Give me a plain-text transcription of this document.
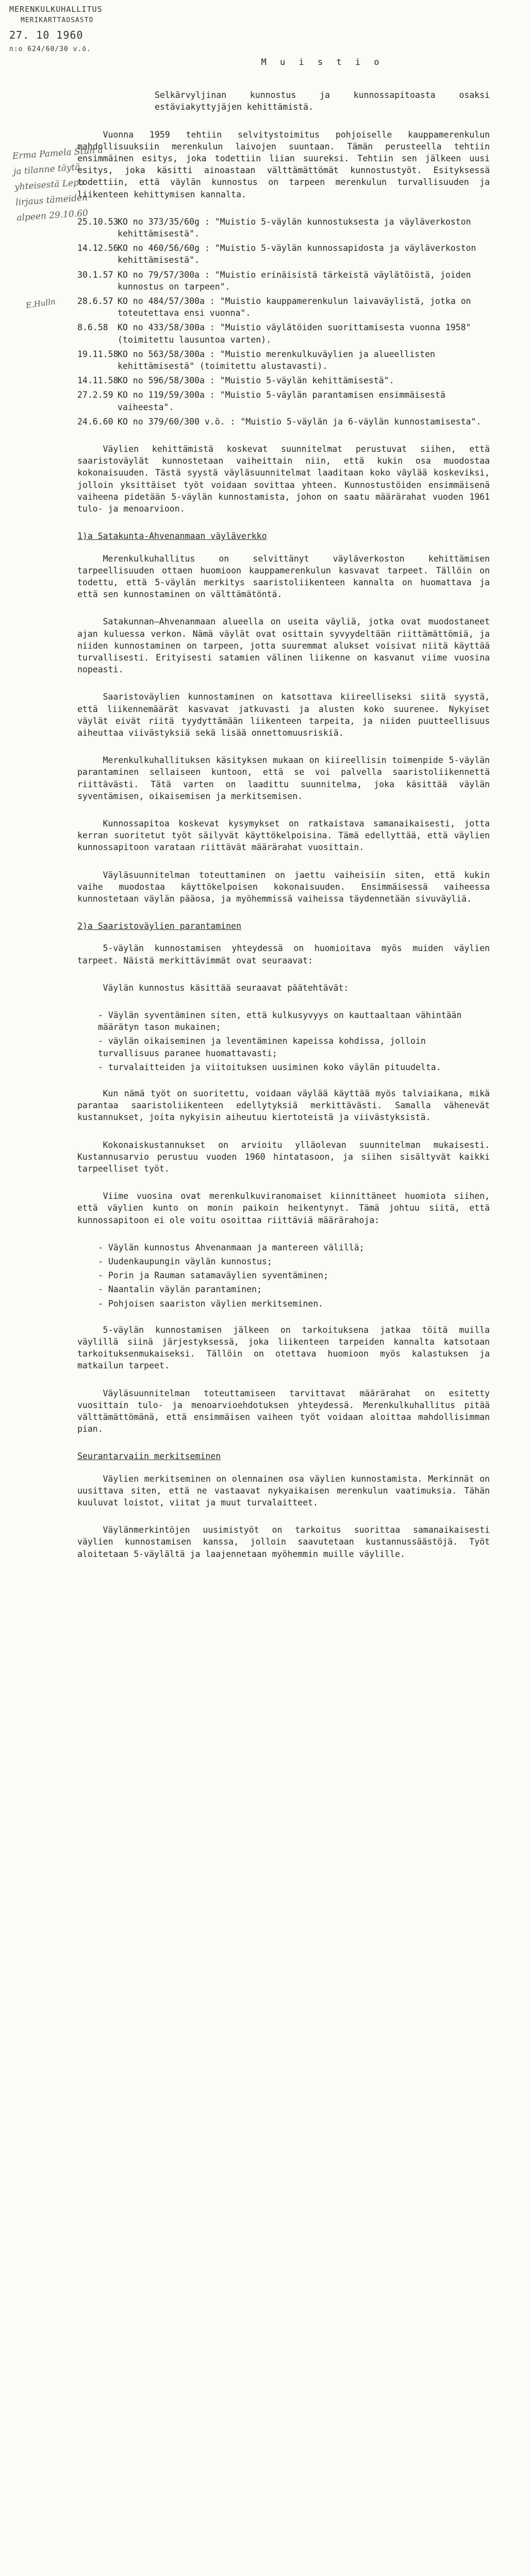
MERENKULKUHALLITUS
MERIKARTTAOSASTO
27. 10 1960
n:o 624/60/30 v.ö.
Erma Pamela Stun a ja tilanne täytä yhteisestä Lepa lirjaus tämeiden alpeen 29.10.60
E.Hulln
M u i s t i o
Selkärvyljinan kunnostus ja kunnossapitoasta osaksi estäviakyttyjäjen kehittämistä.
Vuonna 1959 tehtiin selvitystoimitus pohjoiselle kauppamerenkulun mahdollisuuksiin merenkulun laivojen suuntaan. Tämän perusteella tehtiin ensimmäinen esitys, joka todettiin liian suureksi. Tehtiin sen jälkeen uusi esitys, joka käsitti ainoastaan välttämättömät kunnostustyöt. Esityksessä todettiin, että väylän kunnostus on tarpeen merenkulun turvallisuuden ja liikenteen kehittymisen kannalta.
25.10.53
KO no 373/35/60g : "Muistio 5-väylän kunnostuksesta ja väyläverkoston kehittämisestä".
14.12.56
KO no 460/56/60g : "Muistio 5-väylän kunnossapidosta ja väyläverkoston kehittämisestä".
30.1.57 KO no 79/57/300a : "Muistio erinäisistä tärkeistä väylätöistä, joiden kunnostus on tarpeen".
28.6.57 KO no 484/57/300a : "Muistio kauppamerenkulun laivaväylistä, jotka on toteutettava ensi vuonna".
8.6.58	KO no 433/58/300a : "Muistio väylätöiden suorittamisesta vuonna 1958" (toimitettu lausuntoa varten).
19.11.58
KO no 563/58/300a : "Muistio merenkulkuväylien ja alueellisten kehittämisestä" (toimitettu alustavasti).
14.11.58
KO no 596/58/300a : "Muistio 5-väylän kehittämisestä".
27.2.59 KO no 119/59/300a : "Muistio 5-väylän parantamisen ensimmäisestä vaiheesta".
24.6.60 KO no 379/60/300 v.ö. : "Muistio 5-väylän ja 6-väylän kunnostamisesta".
Väylien kehittämistä koskevat suunnitelmat perustuvat siihen, että saaristoväylät kunnostetaan vaiheittain niin, että kukin osa muodostaa kokonaisuuden. Tästä syystä väyläsuunnitelmat laaditaan koko väylää koskeviksi, jolloin yksittäiset työt voidaan sovittaa yhteen. Kunnostustöiden ensimmäisenä vaiheena pidetään 5-väylän kunnostamista, johon on saatu määrärahat vuoden 1961 tulo- ja menoarvioon.
1)a Satakunta-Ahvenanmaan väyläverkko
Merenkulkuhallitus on selvittänyt väyläverkoston kehittämisen tarpeellisuuden ottaen huomioon kauppamerenkulun kasvavat tarpeet. Tällöin on todettu, että 5-väylän merkitys saaristoliikenteen kannalta on huomattava ja että sen kunnostaminen on välttämätöntä.
Satakunnan–Ahvenanmaan alueella on useita väyliä, jotka ovat muodostaneet ajan kuluessa verkon. Nämä väylät ovat osittain syvyydeltään riittämättömiä, ja niiden kunnostaminen on tarpeen, jotta suuremmat alukset voisivat niitä käyttää turvallisesti. Erityisesti satamien välinen liikenne on kasvanut viime vuosina nopeasti.
Saaristoväylien kunnostaminen on katsottava kiireelliseksi siitä syystä, että liikennemäärät kasvavat jatkuvasti ja alusten koko suurenee. Nykyiset väylät eivät riitä tyydyttämään liikenteen tarpeita, ja niiden puutteellisuus aiheuttaa viivästyksiä sekä lisää onnettomuusriskiä.
Merenkulkuhallituksen käsityksen mukaan on kiireellisin toimenpide 5-väylän parantaminen sellaiseen kuntoon, että se voi palvella saaristoliikennettä riittävästi. Tätä varten on laadittu suunnitelma, joka käsittää väylän syventämisen, oikaisemisen ja merkitsemisen.
Kunnossapitoa koskevat kysymykset on ratkaistava samanaikaisesti, jotta kerran suoritetut työt säilyvät käyttökelpoisina. Tämä edellyttää, että väylien kunnossapitoon varataan riittävät määrärahat vuosittain.
Väyläsuunnitelman toteuttaminen on jaettu vaiheisiin siten, että kukin vaihe muodostaa käyttökelpoisen kokonaisuuden. Ensimmäisessä vaiheessa kunnostetaan väylän pääosa, ja myöhemmissä vaiheissa täydennetään sivuväyliä.
2)a Saaristoväylien parantaminen
5-väylän kunnostamisen yhteydessä on huomioitava myös muiden väylien tarpeet. Näistä merkittävimmät ovat seuraavat:
Väylän kunnostus käsittää seuraavat päätehtävät:
- Väylän syventäminen siten, että kulkusyvyys on kauttaaltaan vähintään määrätyn tason mukainen;
- väylän oikaiseminen ja leventäminen kapeissa kohdissa, jolloin turvallisuus paranee huomattavasti;
- turvalaitteiden ja viitoituksen uusiminen koko väylän pituudelta.
Kun nämä työt on suoritettu, voidaan väylää käyttää myös talviaikana, mikä parantaa saaristoliikenteen edellytyksiä merkittävästi. Samalla vähenevät kustannukset, joita nykyisin aiheutuu kiertoteistä ja viivästyksistä.
Kokonaiskustannukset on arvioitu ylläolevan suunnitelman mukaisesti. Kustannusarvio perustuu vuoden 1960 hintatasoon, ja siihen sisältyvät kaikki tarpeelliset työt.
Viime vuosina ovat merenkulkuviranomaiset kiinnittäneet huomiota siihen, että väylien kunto on monin paikoin heikentynyt. Tämä johtuu siitä, että kunnossapitoon ei ole voitu osoittaa riittäviä määrärahoja:
- Väylän kunnostus Ahvenanmaan ja mantereen välillä;
- Uudenkaupungin väylän kunnostus;
- Porin ja Rauman satamaväylien syventäminen;
- Naantalin väylän parantaminen;
- Pohjoisen saariston väylien merkitseminen.
5-väylän kunnostamisen jälkeen on tarkoituksena jatkaa töitä muilla väylillä siinä järjestyksessä, joka liikenteen tarpeiden kannalta katsotaan tarkoituksenmukaiseksi. Tällöin on otettava huomioon myös kalastuksen ja matkailun tarpeet.
Väyläsuunnitelman toteuttamiseen tarvittavat määrärahat on esitetty vuosittain tulo- ja menoarvioehdotuksen yhteydessä. Merenkulkuhallitus pitää välttämättömänä, että ensimmäisen vaiheen työt voidaan aloittaa mahdollisimman pian.
Seurantarvaiin merkitseminen
Väylien merkitseminen on olennainen osa väylien kunnostamista. Merkinnät on uusittava siten, että ne vastaavat nykyaikaisen merenkulun vaatimuksia. Tähän kuuluvat loistot, viitat ja muut turvalaitteet.
Väylänmerkintöjen uusimistyöt on tarkoitus suorittaa samanaikaisesti väylien kunnostamisen kanssa, jolloin saavutetaan kustannussäästöjä. Työt aloitetaan 5-väylältä ja laajennetaan myöhemmin muille väylille.
